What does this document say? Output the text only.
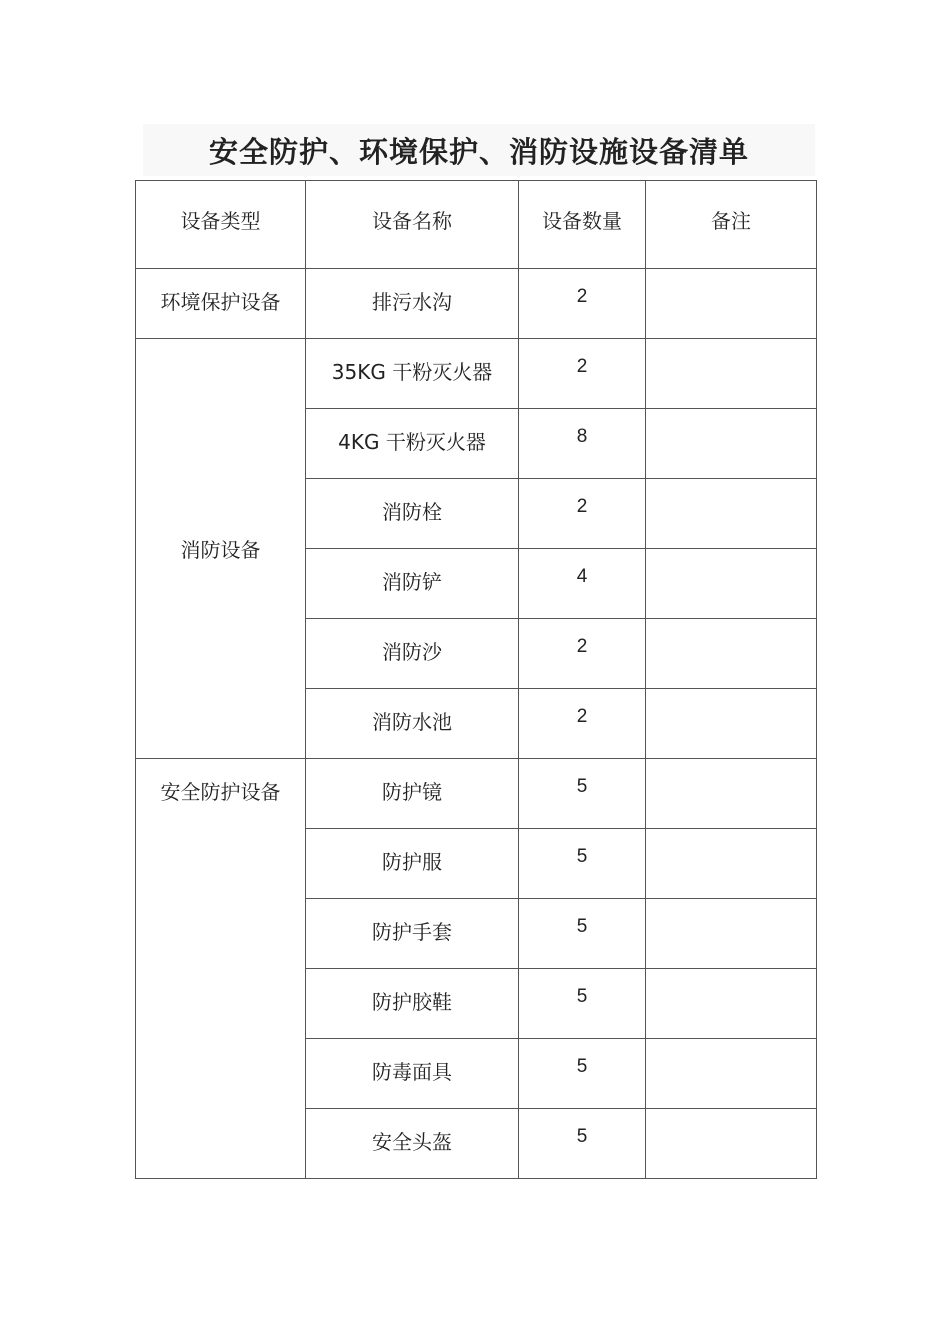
安全防护、环境保护、消防设施设备清单
设备类型	设备名称	设备数量	备注
环境保护设备	排污水沟	2	
消防设备	35KG 干粉灭火器	2	
	4KG 干粉灭火器	8	
	消防栓	2	
	消防铲	4	
	消防沙	2	
	消防水池	2	
安全防护设备	防护镜	5	
	防护服	5	
	防护手套	5	
	防护胶鞋	5	
	防毒面具	5	
	安全头盔	5	
